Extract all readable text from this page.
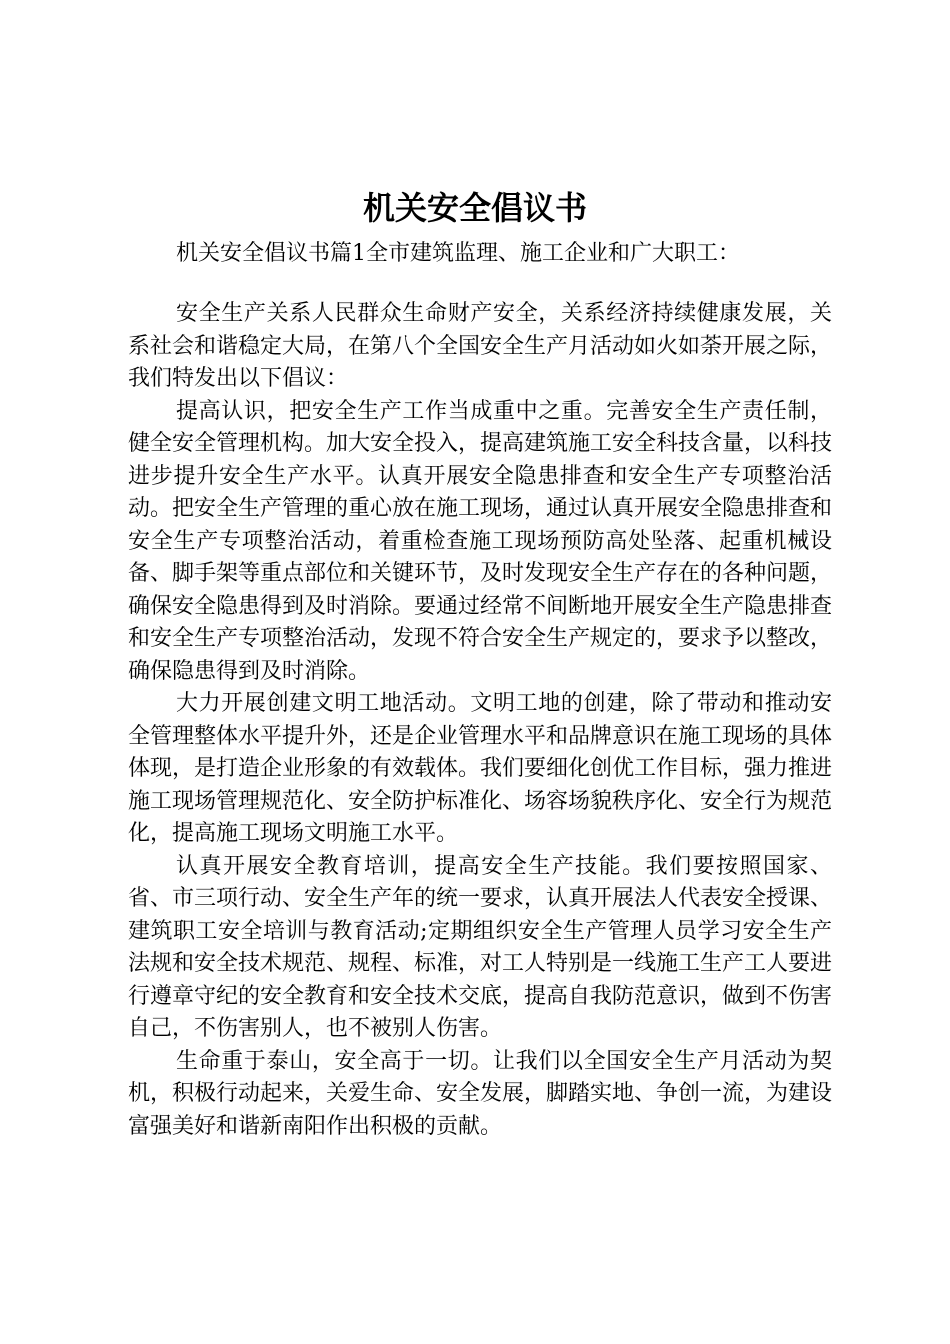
机关安全倡议书

机关安全倡议书篇1全市建筑监理、施工企业和广大职工：

安全生产关系人民群众生命财产安全，关系经济持续健康发展，关系社会和谐稳定大局，在第八个全国安全生产月活动如火如荼开展之际，我们特发出以下倡议：

提高认识，把安全生产工作当成重中之重。完善安全生产责任制，健全安全管理机构。加大安全投入，提高建筑施工安全科技含量，以科技进步提升安全生产水平。认真开展安全隐患排查和安全生产专项整治活动。把安全生产管理的重心放在施工现场，通过认真开展安全隐患排查和安全生产专项整治活动，着重检查施工现场预防高处坠落、起重机械设备、脚手架等重点部位和关键环节，及时发现安全生产存在的各种问题，确保安全隐患得到及时消除。要通过经常不间断地开展安全生产隐患排查和安全生产专项整治活动，发现不符合安全生产规定的，要求予以整改，确保隐患得到及时消除。

大力开展创建文明工地活动。文明工地的创建，除了带动和推动安全管理整体水平提升外，还是企业管理水平和品牌意识在施工现场的具体体现，是打造企业形象的有效载体。我们要细化创优工作目标，强力推进施工现场管理规范化、安全防护标准化、场容场貌秩序化、安全行为规范化，提高施工现场文明施工水平。

认真开展安全教育培训，提高安全生产技能。我们要按照国家、省、市三项行动、安全生产年的统一要求，认真开展法人代表安全授课、建筑职工安全培训与教育活动;定期组织安全生产管理人员学习安全生产法规和安全技术规范、规程、标准，对工人特别是一线施工生产工人要进行遵章守纪的安全教育和安全技术交底，提高自我防范意识，做到不伤害自己，不伤害别人，也不被别人伤害。

生命重于泰山，安全高于一切。让我们以全国安全生产月活动为契机，积极行动起来，关爱生命、安全发展，脚踏实地、争创一流，为建设富强美好和谐新南阳作出积极的贡献。
